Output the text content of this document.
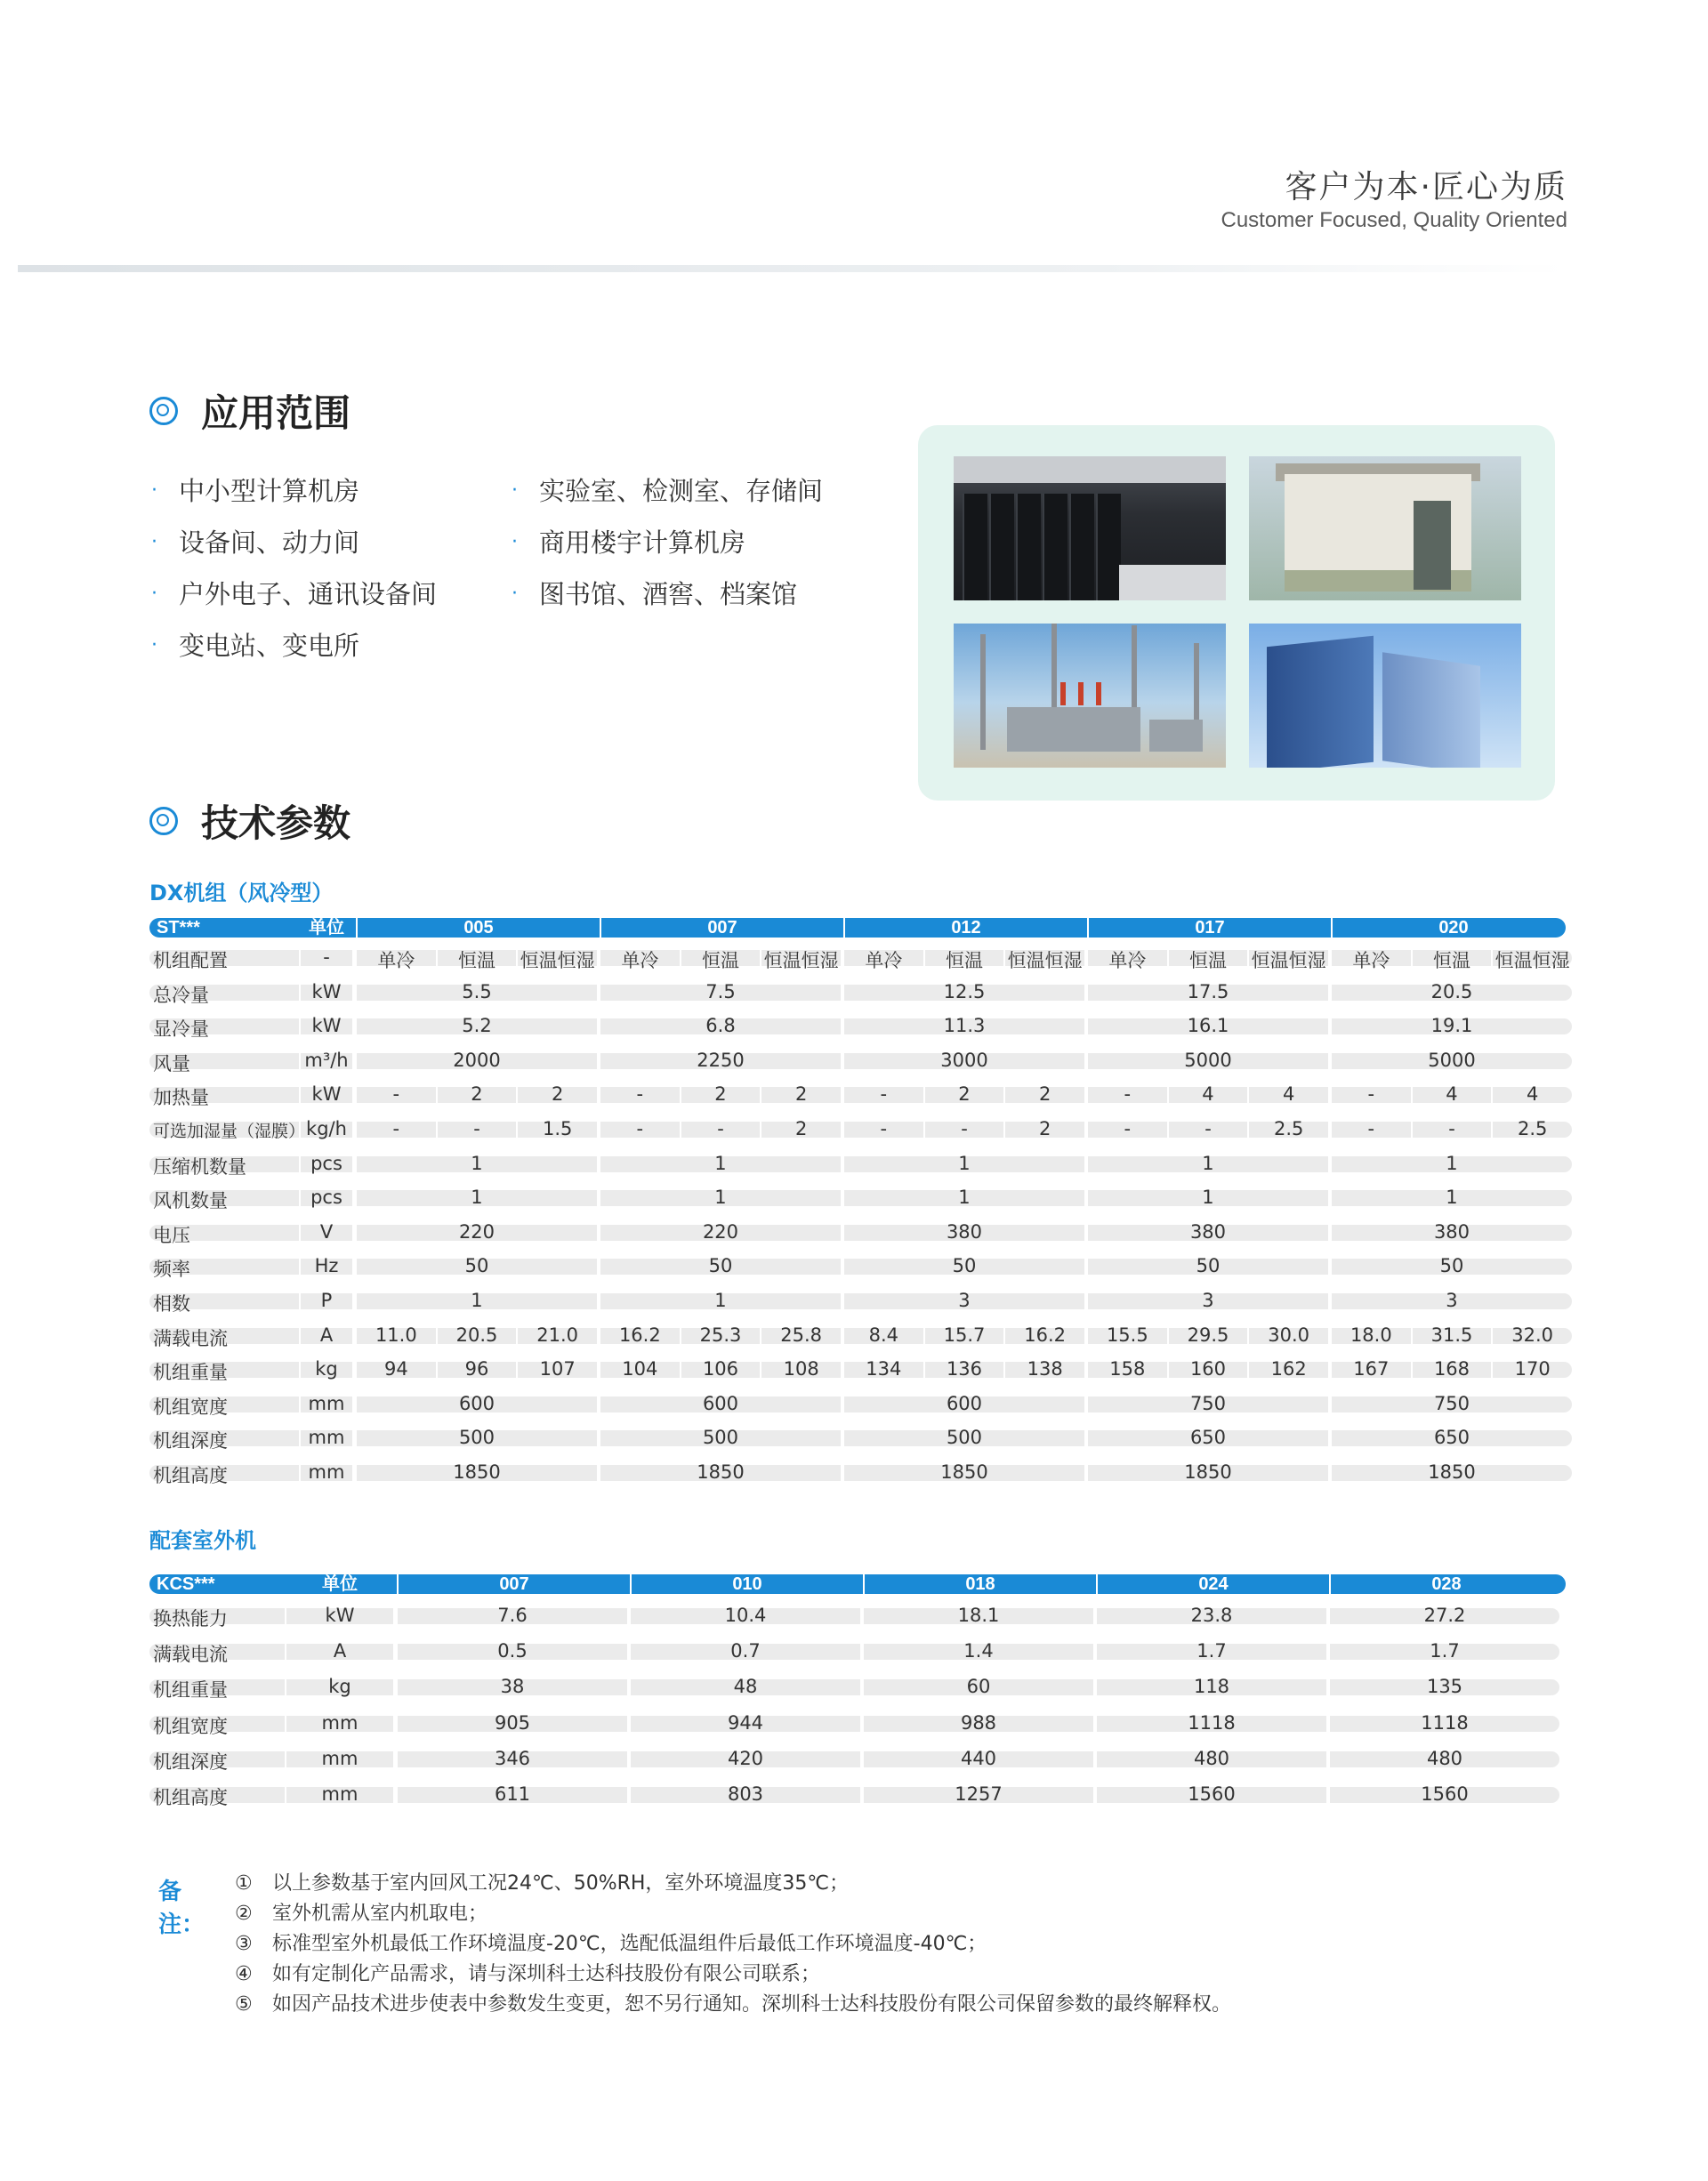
客户为本·匠心为质
Customer Focused, Quality Oriented
应用范围
· 中小型计算机房
· 设备间、动力间
· 户外电子、通讯设备间
· 变电站、变电所
· 实验室、检测室、存储间
· 商用楼宇计算机房
· 图书馆、酒窖、档案馆
技术参数
DX机组（风冷型）
ST***	单位	005	007	012	017	020
机组配置	-	单冷	恒温	恒温恒湿	单冷	恒温	恒温恒湿	单冷	恒温	恒温恒湿	单冷	恒温	恒温恒湿	单冷	恒温	恒温恒湿
总冷量	kW	5.5	7.5	12.5	17.5	20.5
显冷量	kW	5.2	6.8	11.3	16.1	19.1
风量	m³/h	2000	2250	3000	5000	5000
加热量	kW	-	2	2	-	2	2	-	2	2	-	4	4	-	4	4
可选加湿量（湿膜） kg/h	-	-	1.5	-	-	2	-	-	2	-	-	2.5	-	-	2.5
压缩机数量	pcs	1	1	1	1	1
风机数量	pcs	1	1	1	1	1
电压	V	220	220	380	380	380
频率	Hz	50	50	50	50	50
相数	P	1	1	3	3	3
满载电流	A	11.0	20.5	21.0	16.2	25.3	25.8	8.4	15.7	16.2	15.5	29.5	30.0	18.0	31.5	32.0
机组重量	kg	94	96	107	104	106	108	134	136	138	158	160	162	167	168	170
机组宽度	mm	600	600	600	750	750
机组深度	mm	500	500	500	650	650
机组高度	mm	1850	1850	1850	1850	1850
配套室外机
KCS***	单位	007	010	018	024	028
换热能力	kW	7.6	10.4	18.1	23.8	27.2
满载电流	A	0.5	0.7	1.4	1.7	1.7
机组重量	kg	38	48	60	118	135
机组宽度	mm	905	944	988	1118	1118
机组深度	mm	346	420	440	480	480
机组高度	mm	611	803	1257	1560	1560
备注：
① 以上参数基于室内回风工况24℃、50%RH，室外环境温度35℃；
② 室外机需从室内机取电；
③ 标准型室外机最低工作环境温度-20℃，选配低温组件后最低工作环境温度-40℃；
④ 如有定制化产品需求，请与深圳科士达科技股份有限公司联系；
⑤ 如因产品技术进步使表中参数发生变更，恕不另行通知。深圳科士达科技股份有限公司保留参数的最终解释权。
